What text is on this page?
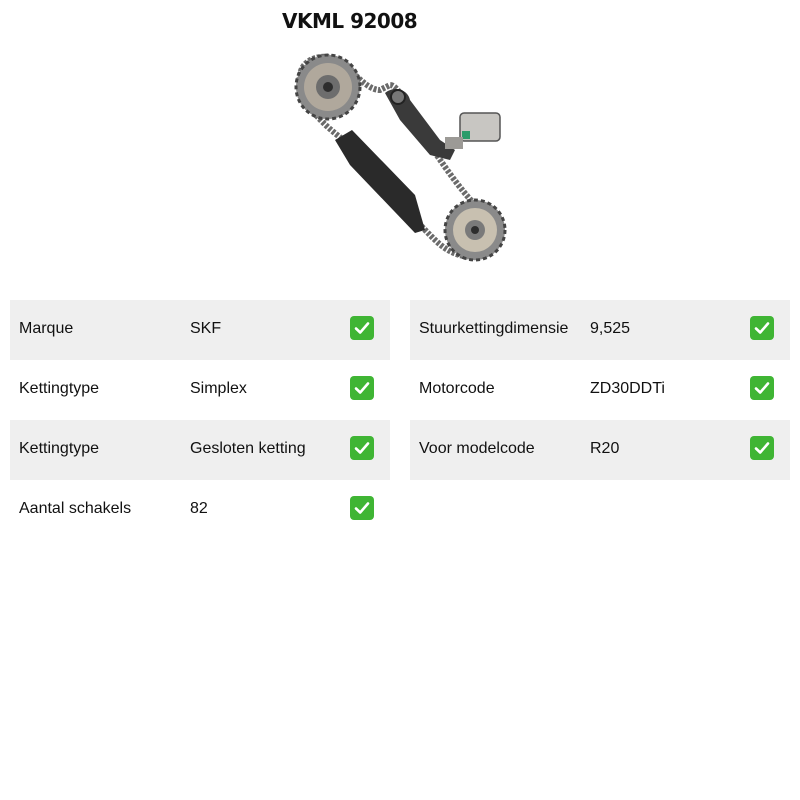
VKML 92008
Marque	SKF
Kettingtype	Simplex
Kettingtype	Gesloten ketting
Aantal schakels	82
Stuurkettingdimensie 9,525
Motorcode	ZD30DDTi
Voor modelcode	R20
